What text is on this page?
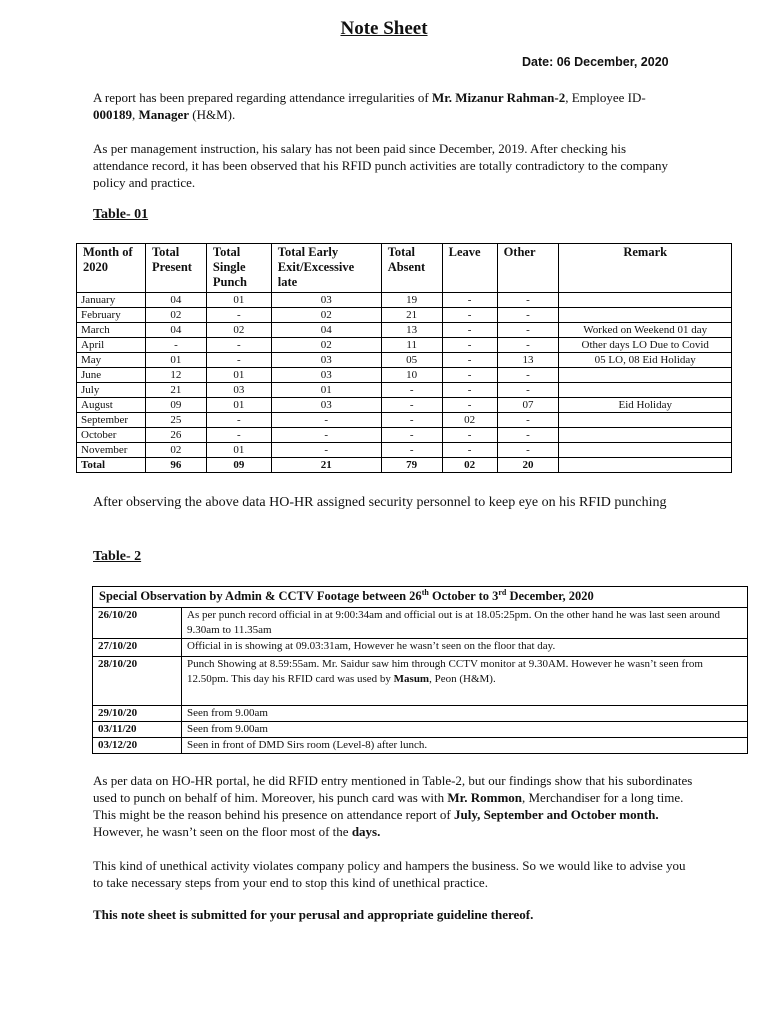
Note Sheet
Date: 06 December, 2020
A report has been prepared regarding attendance irregularities of Mr. Mizanur Rahman-2, Employee ID- 000189, Manager (H&M).
As per management instruction, his salary has not been paid since December, 2019. After checking his attendance record, it has been observed that his RFID punch activities are totally contradictory to the company policy and practice.
Table- 01
Month of 2020	Total Present	Total Single Punch	Total Early Exit/Excessive late	Total Absent	Leave	Other	Remark
January	04	01	03	19	-	-	
February	02	-	02	21	-	-	
March	04	02	04	13	-	-	Worked on Weekend 01 day
April	-	-	02	11	-	-	Other days LO Due to Covid
May	01	-	03	05	-	13	05 LO, 08 Eid Holiday
June	12	01	03	10	-	-	
July	21	03	01	-	-	-	
August	09	01	03	-	-	07	Eid Holiday
September	25	-	-	-	02	-	
October	26	-	-	-	-	-	
November	02	01	-	-	-	-	
Total	96	09	21	79	02	20	
After observing the above data HO-HR assigned security personnel to keep eye on his RFID punching
Table- 2
Special Observation by Admin & CCTV Footage between 26th October to 3rd December, 2020	
26/10/20	As per punch record official in at 9:00:34am and official out is at 18.05:25pm. On the other hand he was last seen around 9.30am to 11.35am
27/10/20	Official in is showing at 09.03:31am, However he wasn’t seen on the floor that day.
28/10/20	Punch Showing at 8.59:55am. Mr. Saidur saw him through CCTV monitor at 9.30AM. However he wasn’t seen from 12.50pm. This day his RFID card was used by Masum, Peon (H&M).
29/10/20	Seen from 9.00am
03/11/20	Seen from 9.00am
03/12/20	Seen in front of DMD Sirs room (Level-8) after lunch.
As per data on HO-HR portal, he did RFID entry mentioned in Table-2, but our findings show that his subordinates used to punch on behalf of him. Moreover, his punch card was with Mr. Rommon, Merchandiser for a long time. This might be the reason behind his presence on attendance report of July, September and October month. However, he wasn’t seen on the floor most of the days.
This kind of unethical activity violates company policy and hampers the business. So we would like to advise you to take necessary steps from your end to stop this kind of unethical practice.
This note sheet is submitted for your perusal and appropriate guideline thereof.
